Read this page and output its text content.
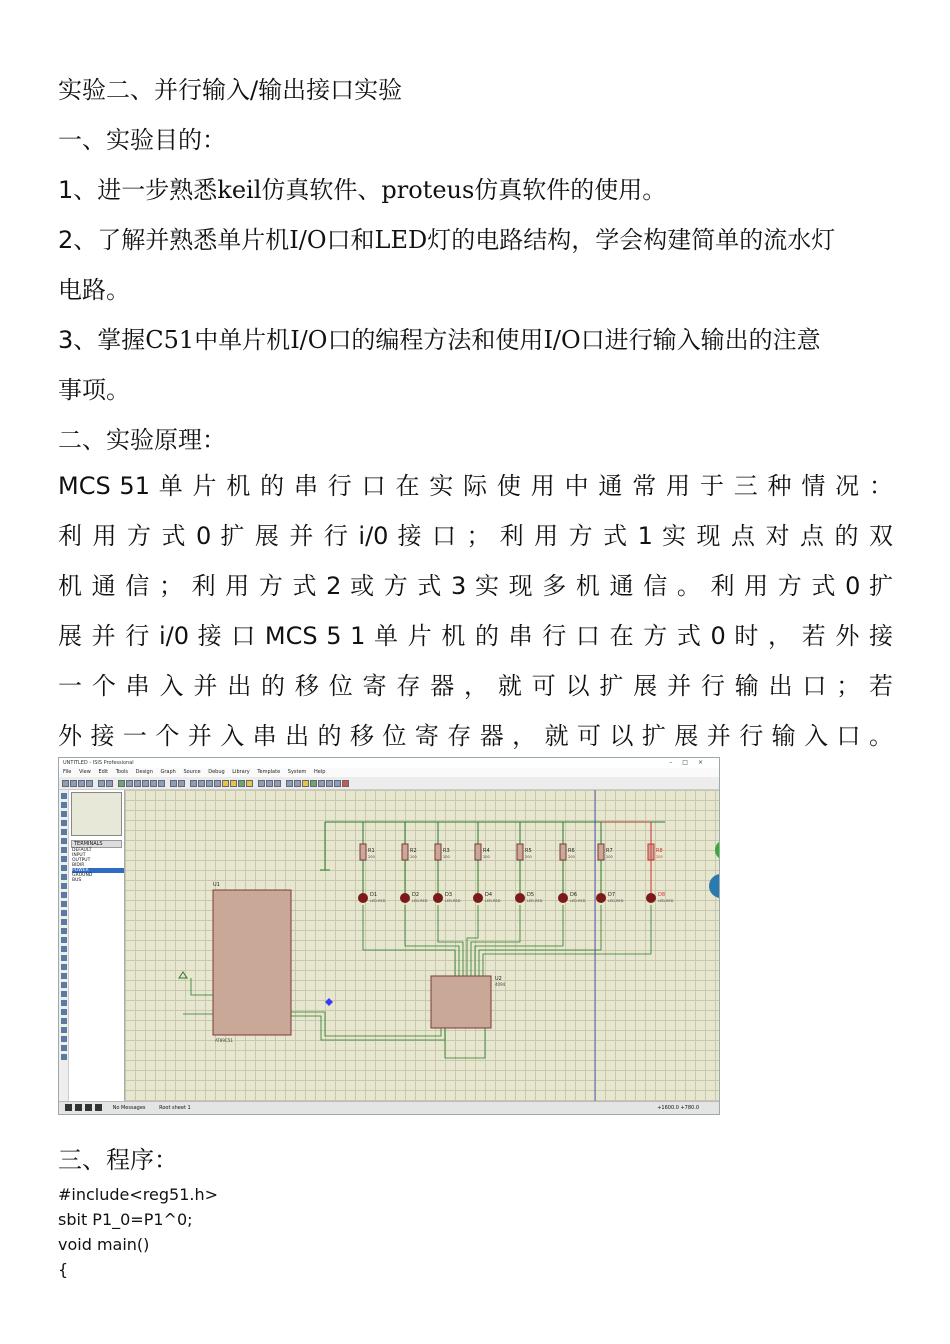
实验二、并行输入/输出接口实验
一、实验目的：
1、进一步熟悉keil仿真软件、proteus仿真软件的使用。
2、了解并熟悉单片机I/O口和LED灯的电路结构，学会构建简单的流水灯
电路。
3、掌握C51中单片机I/O口的编程方法和使用I/O口进行输入输出的注意
事项。
二、实验原理：
MCS 51 单 片 机 的 串 行 口 在 实 际 使 用 中 通 常 用 于 三 种 情 况 ：
利 用 方 式 0 扩 展 并 行 i/0 接 口 ； 利 用 方 式 1 实 现 点 对 点 的 双
机 通 信 ； 利 用 方 式 2 或 方 式 3 实 现 多 机 通 信 。 利 用 方 式 0 扩
展 并 行 i/0 接 口 MCS 5 1 单 片 机 的 串 行 口 在 方 式 0 时 ， 若 外 接
一 个 串 入 并 出 的 移 位 寄 存 器 ， 就 可 以 扩 展 并 行 输 出 口 ； 若
外 接 一 个 并 入 串 出 的 移 位 寄 存 器 ， 就 可 以 扩 展 并 行 输 入 口 。
UNTITLED - ISIS Professional	–□×
File View Edit Tools Design Graph Source Debug Library Template System Help
TERMINALS
DEFAULT
INPUT
OUTPUT
BIDIR
POWER
GROUND
BUS
R1
200
D1
LED-RED
R2
200
D2
LED-RED
R3
200
D3
LED-RED
R4
200
D4
LED-RED
R5
200
D5
LED-RED
R6
200
D6
LED-RED
R7
200
D7
LED-RED
R8
200
D8
LED-RED
U1
AT89C51
U2
4094
No Messages	Root sheet 1	+1600.0 +780.0
三、程序：
#include<reg51.h>
sbit P1_0=P1^0;
void main()
{
